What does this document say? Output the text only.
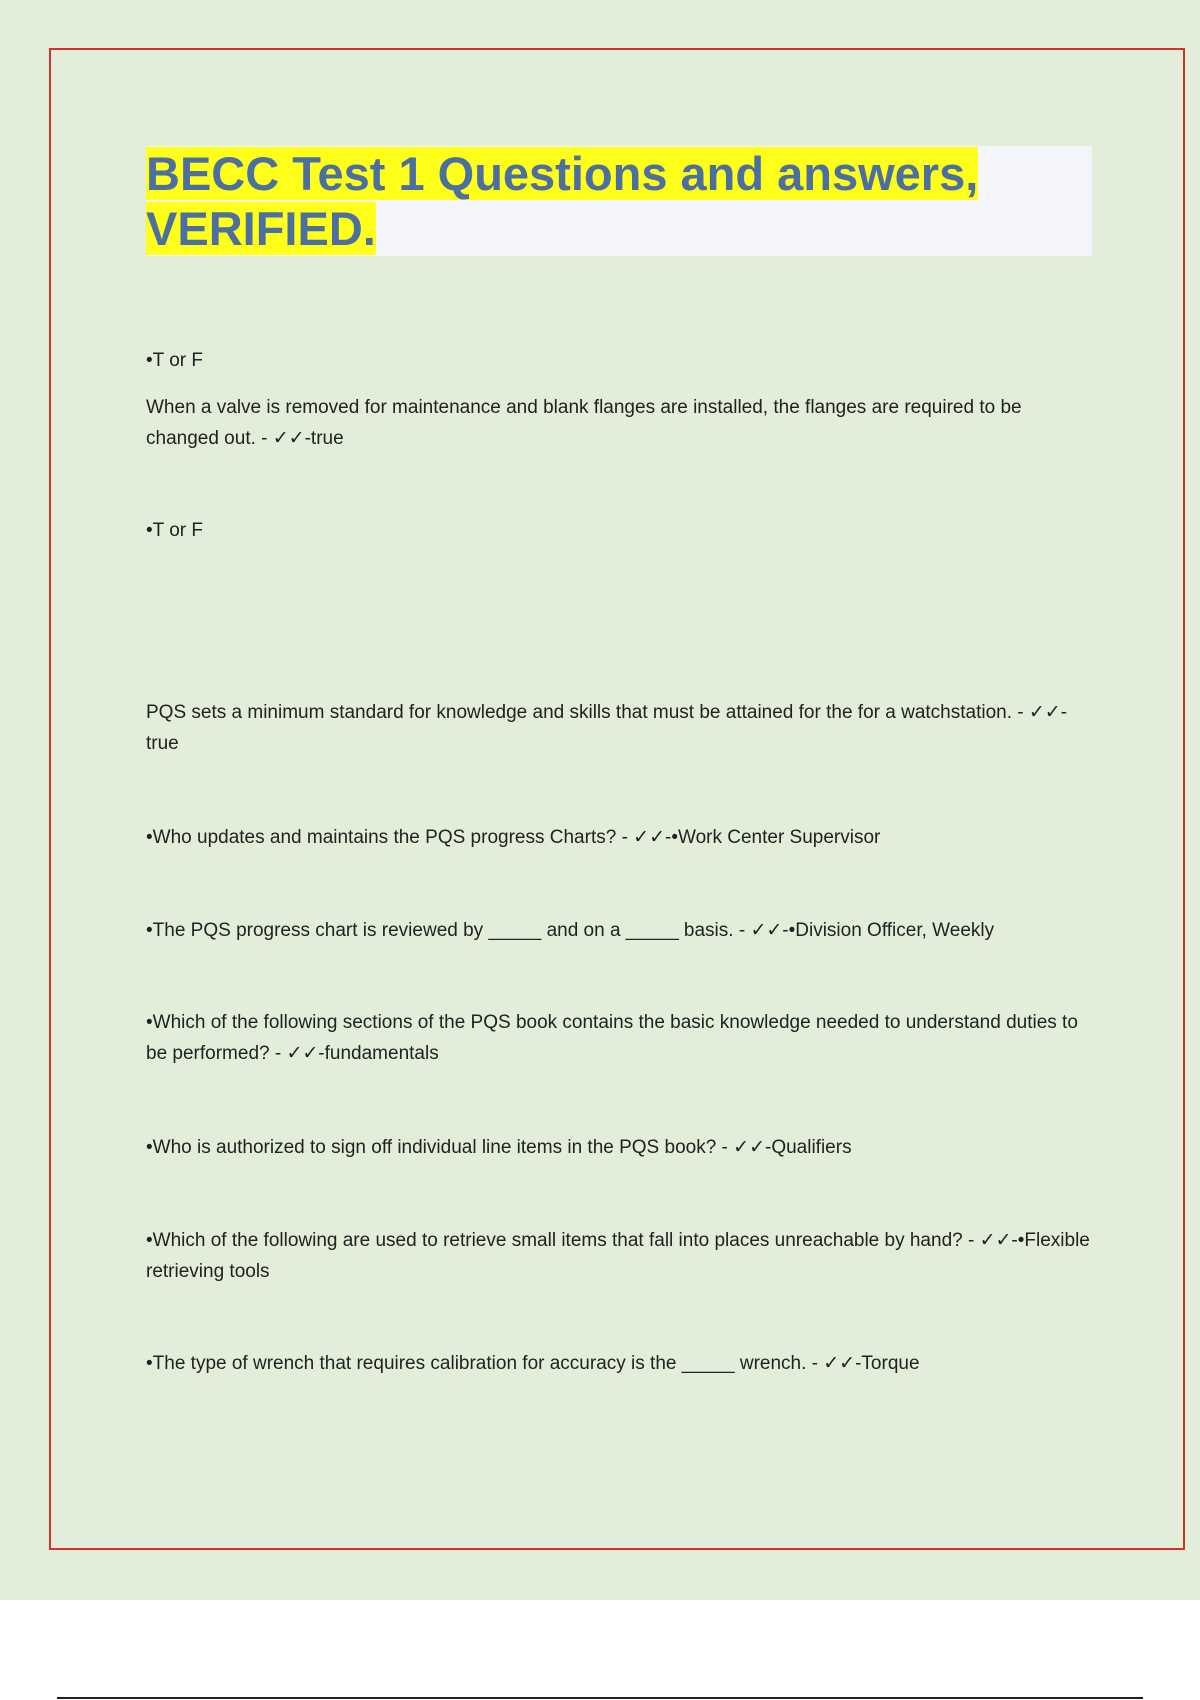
BECC Test 1 Questions and answers, VERIFIED.

•T or F

When a valve is removed for maintenance and blank flanges are installed, the flanges are required to be changed out. - ✓✓-true

•T or F

PQS sets a minimum standard for knowledge and skills that must be attained for the for a watchstation. - ✓✓-true

•Who updates and maintains the PQS progress Charts? - ✓✓-•Work Center Supervisor

•The PQS progress chart is reviewed by _____ and on a _____ basis. - ✓✓-•Division Officer, Weekly

•Which of the following sections of the PQS book contains the basic knowledge needed to understand duties to be performed? - ✓✓-fundamentals

•Who is authorized to sign off individual line items in the PQS book? - ✓✓-Qualifiers

•Which of the following are used to retrieve small items that fall into places unreachable by hand? - ✓✓-•Flexible retrieving tools

•The type of wrench that requires calibration for accuracy is the _____ wrench. - ✓✓-Torque
